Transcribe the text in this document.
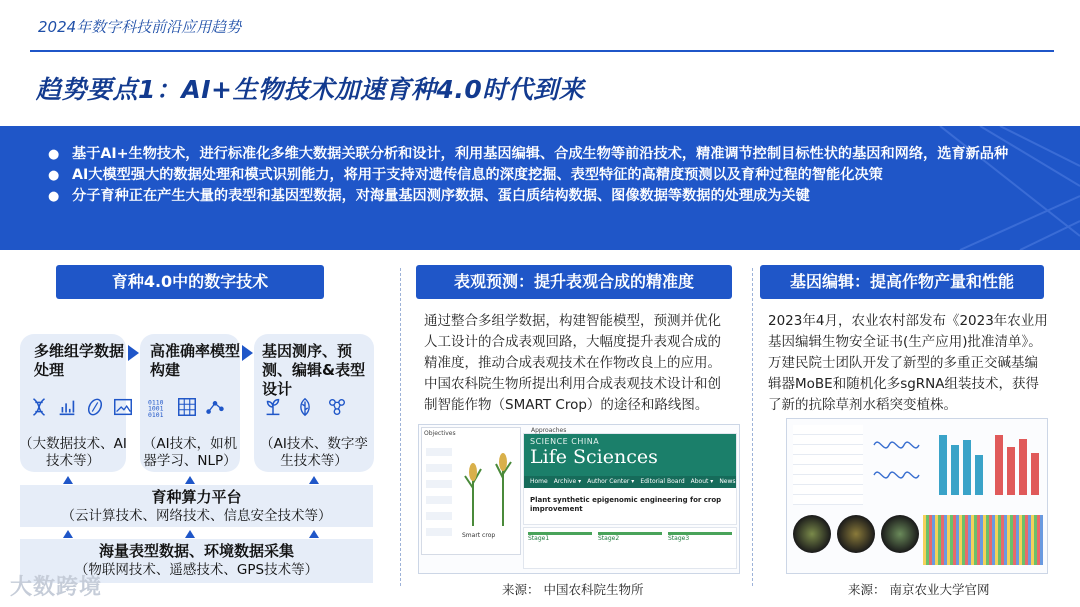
2024年数字科技前沿应用趋势
趋势要点1：AI+生物技术加速育种4.0时代到来
● 基于AI+生物技术，进行标准化多维大数据关联分析和设计，利用基因编辑、合成生物等前沿技术，精准调节控制目标性状的基因和网络，选育新品种
● AI大模型强大的数据处理和模式识别能力，将用于支持对遗传信息的深度挖掘、表型特征的高精度预测以及育种过程的智能化决策
● 分子育种正在产生大量的表型和基因型数据，对海量基因测序数据、蛋白质结构数据、图像数据等数据的处理成为关键
育种4.0中的数字技术	表观预测：提升表观合成的精准度	基因编辑：提高作物产量和性能
多维组学数据处理
（大数据技术、AI技术等）
高准确率模型构建
0110
1001
0101
（AI技术，如机器学习、NLP）
基因测序、预测、编辑&表型设计
（AI技术、数字孪生技术等）
育种算力平台
（云计算技术、网络技术、信息安全技术等）
海量表型数据、环境数据采集
（物联网技术、遥感技术、GPS技术等）
通过整合多组学数据，构建智能模型，预测并优化人工设计的合成表观回路，大幅度提升表观合成的精准度，推动合成表观技术在作物改良上的应用。中国农科院生物所提出利用合成表观技术设计和创制智能作物（SMART Crop）的途径和路线图。
Objectives
Smart crop
SCIENCE CHINA
Life Sciences
Home Archive ▾ Author Center ▾ Editorial Board About ▾ News
Plant synthetic epigenomic engineering for crop improvement
Stage1	Stage2	Stage3
Approaches
来源： 中国农科院生物所
2023年4月，农业农村部发布《2023年农业用基因编辑生物安全证书(生产应用)批准清单》。万建民院士团队开发了新型的多重正交碱基编辑器MoBE和随机化多sgRNA组装技术，获得了新的抗除草剂水稻突变植株。
来源： 南京农业大学官网
大数跨境
